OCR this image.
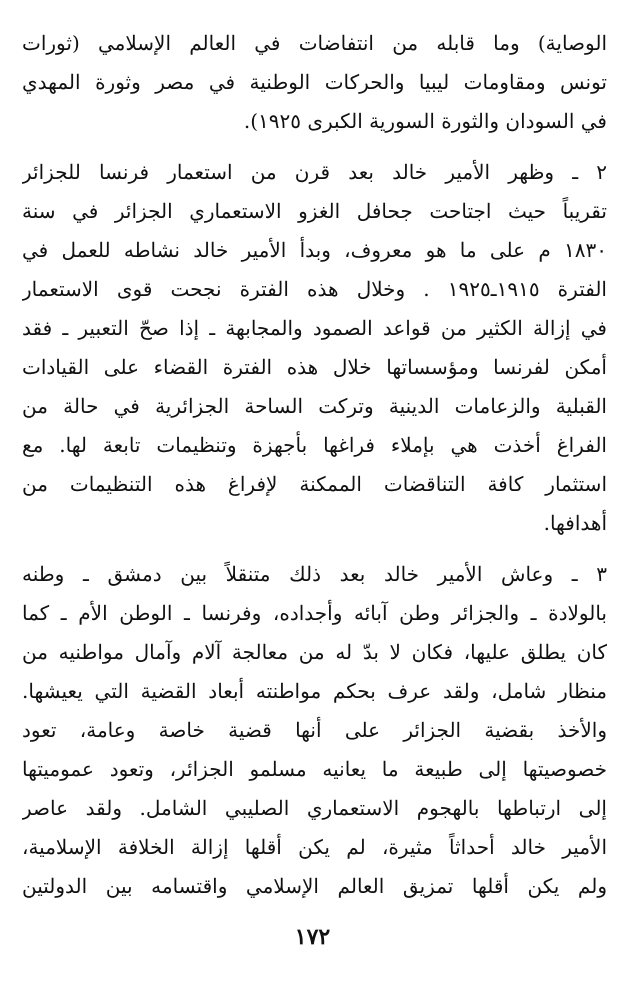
الوصاية) وما قابله من انتفاضات في العالم الإسلامي (ثورات
تونس ومقاومات ليبيا والحركات الوطنية في مصر وثورة المهدي
في السودان والثورة السورية الكبرى ١٩٢٥).
٢ ـ وظهر الأمير خالد بعد قرن من استعمار فرنسا للجزائر
تقريباً حيث اجتاحت جحافل الغزو الاستعماري الجزائر في سنة
١٨٣٠ م على ما هو معروف، وبدأ الأمير خالد نشاطه للعمل في
الفترة ١٩١٥ـ١٩٢٥ . وخلال هذه الفترة نجحت قوى الاستعمار
في إزالة الكثير من قواعد الصمود والمجابهة ـ إذا صحّ التعبير ـ فقد
أمكن لفرنسا ومؤسساتها خلال هذه الفترة القضاء على القيادات
القبلية والزعامات الدينية وتركت الساحة الجزائرية في حالة من
الفراغ أخذت هي بإملاء فراغها بأجهزة وتنظيمات تابعة لها. مع
استثمار كافة التناقضات الممكنة لإفراغ هذه التنظيمات من
أهدافها.
٣ ـ وعاش الأمير خالد بعد ذلك متنقلاً بين دمشق ـ وطنه
بالولادة ـ والجزائر وطن آبائه وأجداده، وفرنسا ـ الوطن الأم ـ كما
كان يطلق عليها، فكان لا بدّ له من معالجة آلام وآمال مواطنيه من
منظار شامل، ولقد عرف بحكم مواطنته أبعاد القضية التي يعيشها.
والأخذ بقضية الجزائر على أنها قضية خاصة وعامة، تعود
خصوصيتها إلى طبيعة ما يعانيه مسلمو الجزائر، وتعود عموميتها
إلى ارتباطها بالهجوم الاستعماري الصليبي الشامل. ولقد عاصر
الأمير خالد أحداثاً مثيرة، لم يكن أقلها إزالة الخلافة الإسلامية،
ولم يكن أقلها تمزيق العالم الإسلامي واقتسامه بين الدولتين
١٧٢
